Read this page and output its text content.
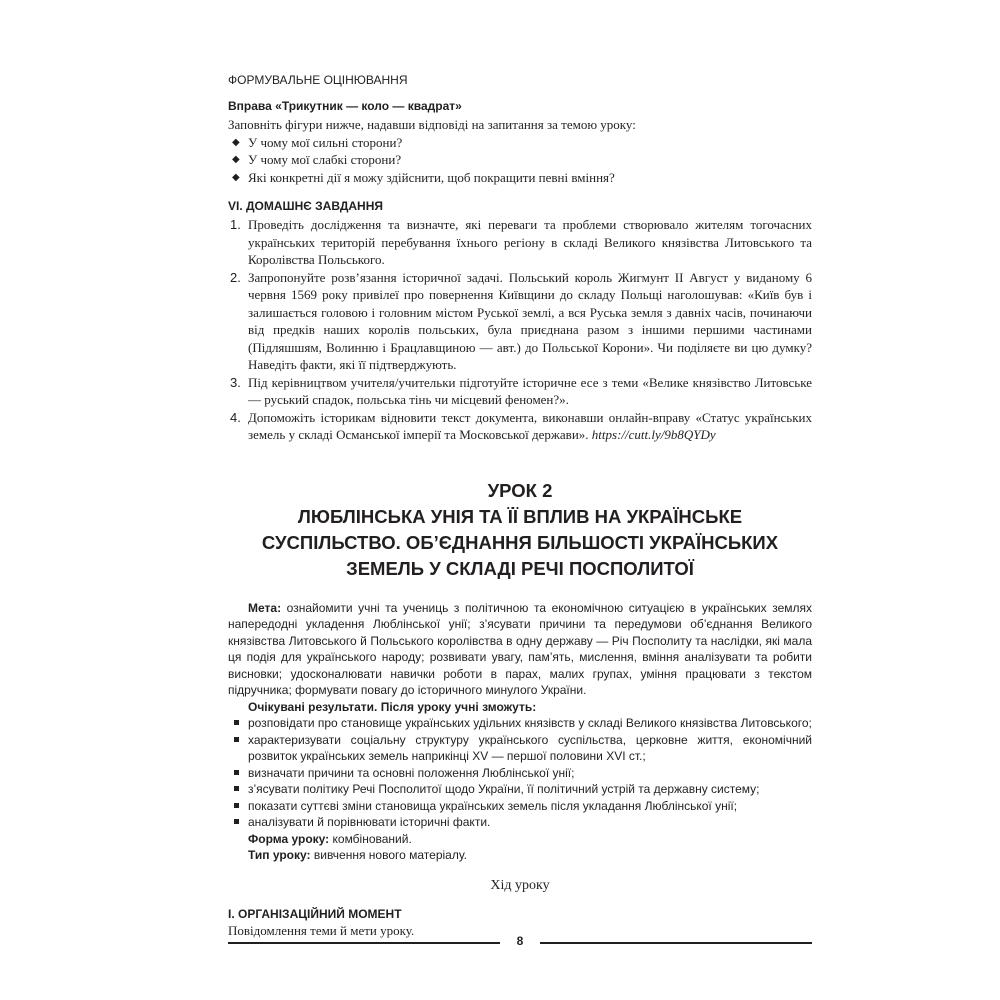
ФОРМУВАЛЬНЕ ОЦІНЮВАННЯ

Вправа «Трикутник — коло — квадрат»

Заповніть фігури нижче, надавши відповіді на запитання за темою уроку:

◆ У чому мої сильні сторони?
◆ У чому мої слабкі сторони?
◆ Які конкретні дії я можу здійснити, щоб покращити певні вміння?

VI. ДОМАШНЄ ЗАВДАННЯ

1. Проведіть дослідження та визначте, які переваги та проблеми створювало жителям тогочасних українських територій перебування їхнього регіону в складі Великого князівства Литовського та Королівства Польського.
2. Запропонуйте розв’язання історичної задачі. Польський король Жигмунт II Август у виданому 6 червня 1569 року привілеї про повернення Київщини до складу Польщі наголошував: «Київ був і залишається головою і головним містом Руської землі, а вся Руська земля з давніх часів, починаючи від предків наших королів польських, була приєднана разом з іншими першими частинами (Підляшшям, Волинню і Брацлавщиною — авт.) до Польської Корони». Чи поділяєте ви цю думку? Наведіть факти, які її підтверджують.
3. Під керівництвом учителя/учительки підготуйте історичне есе з теми «Велике князівство Литовське — руський спадок, польська тінь чи місцевий феномен?».
4. Допоможіть історикам відновити текст документа, виконавши онлайн-вправу «Статус українських земель у складі Османської імперії та Московської держави». https://cutt.ly/9b8QYDy

УРОК 2

ЛЮБЛІНСЬКА УНІЯ ТА ЇЇ ВПЛИВ НА УКРАЇНСЬКЕ

СУСПІЛЬСТВО. ОБ’ЄДНАННЯ БІЛЬШОСТІ УКРАЇНСЬКИХ

ЗЕМЕЛЬ У СКЛАДІ РЕЧІ ПОСПОЛИТОЇ

Мета: ознайомити учні та учениць з політичною та економічною ситуацією в українських землях напередодні укладення Люблінської унії; з’ясувати причини та передумови об’єднання Великого князівства Литовського й Польського королівства в одну державу — Річ Посполиту та наслідки, які мала ця подія для українського народу; розвивати увагу, пам’ять, мислення, вміння аналізувати та робити висновки; удосконалювати навички роботи в парах, малих групах, уміння працювати з текстом підручника; формувати повагу до історичного минулого України.

Очікувані результати. Після уроку учні зможуть:

розповідати про становище українських удільних князівств у складі Великого князівства Литовського;
характеризувати соціальну структуру українського суспільства, церковне життя, економічний розвиток українських земель наприкінці XV — першої половини XVI ст.;
визначати причини та основні положення Люблінської унії;
з’ясувати політику Речі Посполитої щодо України, її політичний устрій та державну систему;
показати суттєві зміни становища українських земель після укладання Люблінської унії;
аналізувати й порівнювати історичні факти.

Форма уроку: комбінований.

Тип уроку: вивчення нового матеріалу.

Хід уроку

I. ОРГАНІЗАЦІЙНИЙ МОМЕНТ

Повідомлення теми й мети уроку.

8
